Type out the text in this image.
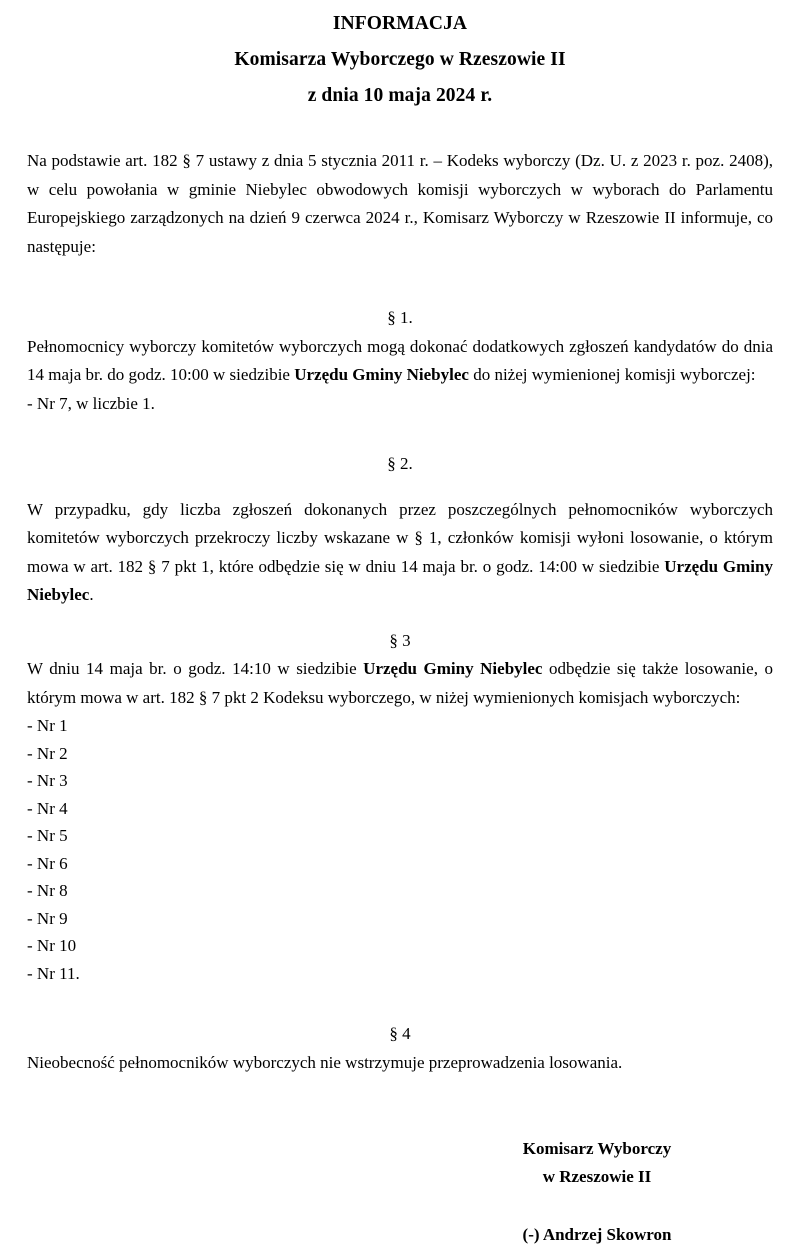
INFORMACJA
Komisarza Wyborczego w Rzeszowie II
z dnia 10 maja 2024 r.
Na podstawie art. 182 § 7 ustawy z dnia 5 stycznia 2011 r. – Kodeks wyborczy (Dz. U. z 2023 r. poz. 2408), w celu powołania w gminie Niebylec obwodowych komisji wyborczych w wyborach do Parlamentu Europejskiego zarządzonych na dzień 9 czerwca 2024 r., Komisarz Wyborczy w Rzeszowie II informuje, co następuje:
§ 1.
Pełnomocnicy wyborczy komitetów wyborczych mogą dokonać dodatkowych zgłoszeń kandydatów do dnia 14 maja br. do godz. 10:00 w siedzibie Urzędu Gminy Niebylec do niżej wymienionej komisji wyborczej:
- Nr 7, w liczbie 1.
§ 2.
W przypadku, gdy liczba zgłoszeń dokonanych przez poszczególnych pełnomocników wyborczych komitetów wyborczych przekroczy liczby wskazane w § 1, członków komisji wyłoni losowanie, o którym mowa w art. 182 § 7 pkt 1, które odbędzie się w dniu 14 maja br. o godz. 14:00 w siedzibie Urzędu Gminy Niebylec.
§ 3
W dniu 14 maja br. o godz. 14:10 w siedzibie Urzędu Gminy Niebylec odbędzie się także losowanie, o którym mowa w art. 182 § 7 pkt 2 Kodeksu wyborczego, w niżej wymienionych komisjach wyborczych:
- Nr 1
- Nr 2
- Nr 3
- Nr 4
- Nr 5
- Nr 6
- Nr 8
- Nr 9
- Nr 10
- Nr 11.
§ 4
Nieobecność pełnomocników wyborczych nie wstrzymuje przeprowadzenia losowania.
Komisarz Wyborczy
w Rzeszowie II
(-) Andrzej Skowron
